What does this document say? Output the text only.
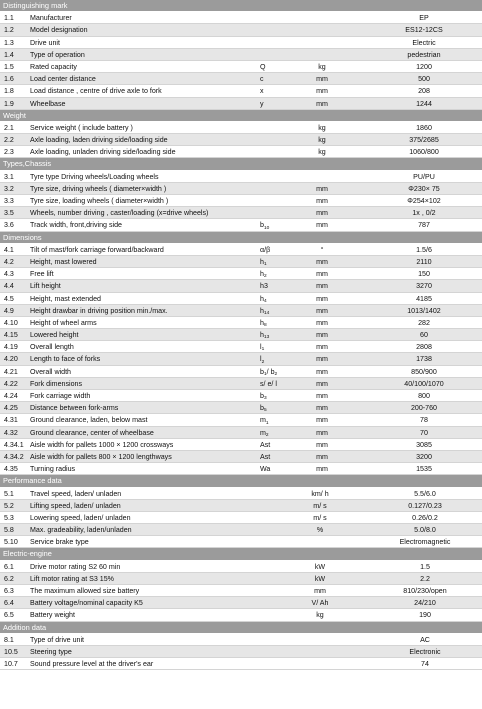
Distinguishing mark
1.1	Manufacturer	EP
1.2	Model designation	ES12-12CS
1.3	Drive unit	Electric
1.4	Type of operation	pedestrian
1.5	Rated capacity	Q	kg	1200
1.6	Load center distance	c	mm	500
1.8	Load distance , centre of drive axle to fork	x	mm	208
1.9	Wheelbase	y	mm	1244
Weight
2.1	Service weight ( include battery )	kg	1860
2.2	Axle loading, laden driving side/loading side	kg	375/2685
2.3	Axle loading, unladen driving side/loading side	kg	1060/800
Types,Chassis
3.1	Tyre type Driving wheels/Loading wheels	PU/PU
3.2	Tyre size, driving wheels ( diameter×width )	mm	Φ230× 75
3.3	Tyre size, loading wheels ( diameter×width )	mm	Φ254×102
3.5	Wheels, number driving , caster/loading (x=drive wheels)	mm	1x , 0/2
3.6	Track width, front,driving side	$b_{10}$	mm	787
Dimensions
4.1	Tilt of mast/fork carriage forward/backward	α/β	°	1.5/6
4.2	Height, mast lowered	$h_1$	mm	2110
4.3	Free lift	$h_2$	mm	150
4.4	Lift height	h3	mm	3270
4.5	Height, mast extended	$h_4$	mm	4185
4.9	Height drawbar in driving position min./max.	$h_{14}$	mm	1013/1402
4.10	Height of wheel arms	$h_8$	mm	282
4.15	Lowered height	$h_{13}$	mm	60
4.19	Overall length	$l_1$	mm	2808
4.20	Length to face of forks	$l_2$	mm	1738
4.21	Overall width	$b_1/$ $b_2$	mm	850/900
4.22	Fork dimensions	s/ e/ l	mm	40/100/1070
4.24	Fork carriage width	$b_3$	mm	800
4.25	Distance between fork-arms	$b_5$	mm	200-760
4.31	Ground clearance, laden, below mast	$m_1$	mm	78
4.32	Ground clearance, center of wheelbase	$m_2$	mm	70
4.34.1 Aisle width for pallets 1000 × 1200 crossways	Ast	mm	3085
4.34.2 Aisle width for pallets 800 × 1200 lengthways	Ast	mm	3200
4.35	Turning radius	Wa	mm	1535
Performance data
5.1	Travel speed, laden/ unladen	km/ h	5.5/6.0
5.2	Lifting speed, laden/ unladen	m/ s	0.127/0.23
5.3	Lowering speed, laden/ unladen	m/ s	0.26/0.2
5.8	Max. gradeability, laden/unladen	%	5.0/8.0
5.10	Service brake type	Electromagnetic
Electric-engine
6.1	Drive motor rating S2 60 min	kW	1.5
6.2	Lift motor rating at S3 15%	kW	2.2
6.3	The maximum allowed size battery	mm	810/230/open
6.4	Battery voltage/nominal capacity K5	V/ Ah	24/210
6.5	Battery weight	kg	190
Addition data
8.1	Type of drive unit	AC
10.5	Steering type	Electronic
10.7	Sound pressure level at the driver's ear	74
